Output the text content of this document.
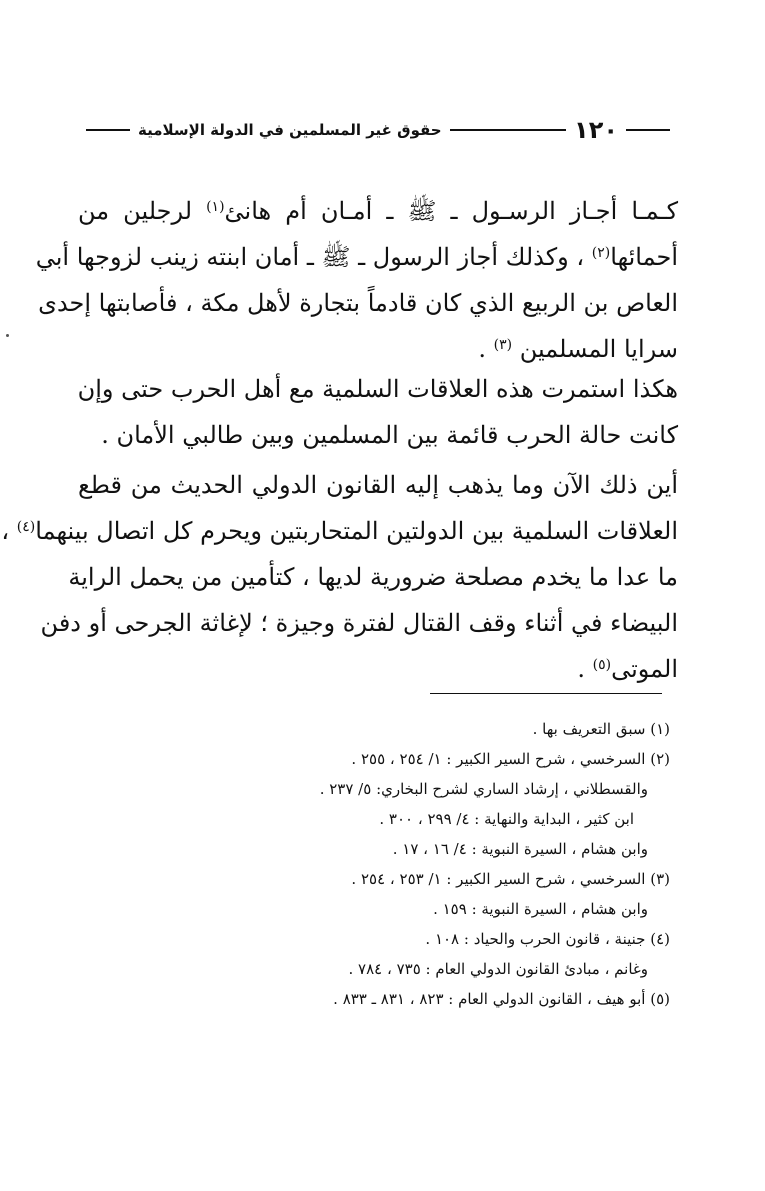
١٢٠
حقوق غير المسلمين في الدولة الإسلامية
كـمـا أجـاز الرسـول ـ ﷺ ـ أمـان أم هانئ$^{(١)}$ لرجلين من
أحمائها$^{(٢)}$ ، وكذلك أجاز الرسول ـ ﷺ ـ أمان ابنته زينب لزوجها أبي
العاص بن الربيع الذي كان قادماً بتجارة لأهل مكة ، فأصابتها إحدى
سرايا المسلمين $^{(٣)}$ .
هكذا استمرت هذه العلاقات السلمية مع أهل الحرب حتى وإن
كانت حالة الحرب قائمة بين المسلمين وبين طالبي الأمان .
أين ذلك الآن وما يذهب إليه القانون الدولي الحديث من قطع
العلاقات السلمية بين الدولتين المتحاربتين ويحرم كل اتصال بينهما$^{(٤)}$ ،
ما عدا ما يخدم مصلحة ضرورية لديها ، كتأمين من يحمل الراية
البيضاء في أثناء وقف القتال لفترة وجيزة ؛ لإغاثة الجرحى أو دفن
الموتى$^{(٥)}$ .
(١) سبق التعريف بها .
(٢) السرخسي ، شرح السير الكبير : ١/ ٢٥٤ ، ٢٥٥ .
والقسطلاني ، إرشاد الساري لشرح البخاري: ٥/ ٢٣٧ .
ابن كثير ، البداية والنهاية : ٤/ ٢٩٩ ، ٣٠٠ .
وابن هشام ، السيرة النبوية : ٤/ ١٦ ، ١٧ .
(٣) السرخسي ، شرح السير الكبير : ١/ ٢٥٣ ، ٢٥٤ .
وابن هشام ، السيرة النبوية : ١٥٩ .
(٤) جنينة ، قانون الحرب والحياد : ١٠٨ .
وغانم ، مبادئ القانون الدولي العام : ٧٣٥ ، ٧٨٤ .
(٥) أبو هيف ، القانون الدولي العام : ٨٢٣ ، ٨٣١ ـ ٨٣٣ .
